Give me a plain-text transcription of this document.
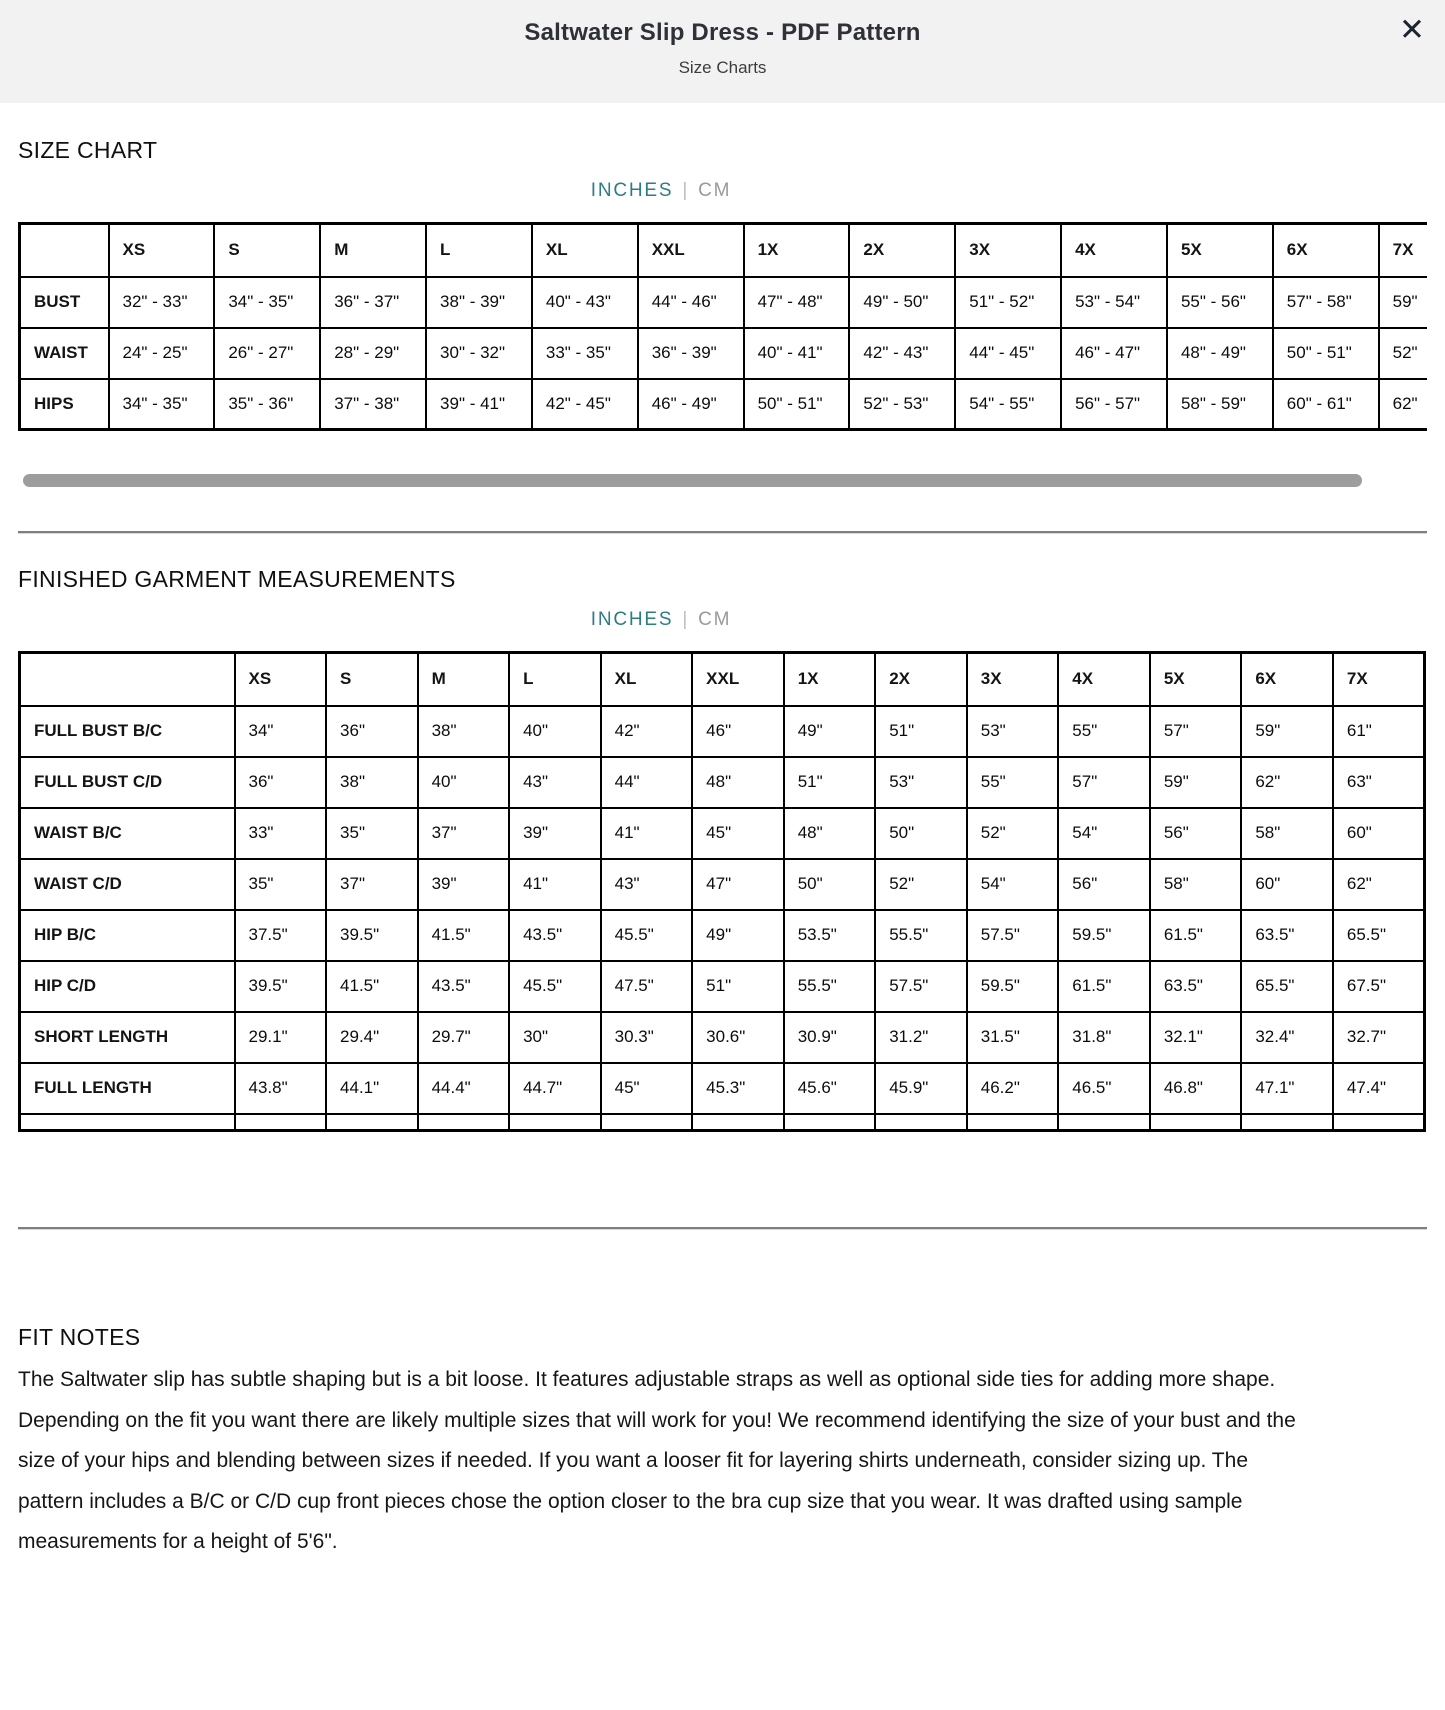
Saltwater Slip Dress - PDF Pattern
Size Charts
✕
SIZE CHART
INCHES | CM
	XS	S	M	L	XL	XXL	1X	2X	3X	4X	5X	6X	7X
BUST	32" - 33"	34" - 35"	36" - 37"	38" - 39"	40" - 43"	44" - 46"	47" - 48"	49" - 50"	51" - 52"	53" - 54"	55" - 56"	57" - 58"	59"
WAIST	24" - 25"	26" - 27"	28" - 29"	30" - 32"	33" - 35"	36" - 39"	40" - 41"	42" - 43"	44" - 45"	46" - 47"	48" - 49"	50" - 51"	52"
HIPS	34" - 35"	35" - 36"	37" - 38"	39" - 41"	42" - 45"	46" - 49"	50" - 51"	52" - 53"	54" - 55"	56" - 57"	58" - 59"	60" - 61"	62"
FINISHED GARMENT MEASUREMENTS
INCHES | CM
	XS	S	M	L	XL	XXL	1X	2X	3X	4X	5X	6X	7X
FULL BUST B/C	34"	36"	38"	40"	42"	46"	49"	51"	53"	55"	57"	59"	61"
FULL BUST C/D	36"	38"	40"	43"	44"	48"	51"	53"	55"	57"	59"	62"	63"
WAIST B/C	33"	35"	37"	39"	41"	45"	48"	50"	52"	54"	56"	58"	60"
WAIST C/D	35"	37"	39"	41"	43"	47"	50"	52"	54"	56"	58"	60"	62"
HIP B/C	37.5"	39.5"	41.5"	43.5"	45.5"	49"	53.5"	55.5"	57.5"	59.5"	61.5"	63.5"	65.5"
HIP C/D	39.5"	41.5"	43.5"	45.5"	47.5"	51"	55.5"	57.5"	59.5"	61.5"	63.5"	65.5"	67.5"
SHORT LENGTH	29.1"	29.4"	29.7"	30"	30.3"	30.6"	30.9"	31.2"	31.5"	31.8"	32.1"	32.4"	32.7"
FULL LENGTH	43.8"	44.1"	44.4"	44.7"	45"	45.3"	45.6"	45.9"	46.2"	46.5"	46.8"	47.1"	47.4"

FIT NOTES
The Saltwater slip has subtle shaping but is a bit loose. It features adjustable straps as well as optional side ties for adding more shape. Depending on the fit you want there are likely multiple sizes that will work for you! We recommend identifying the size of your bust and the size of your hips and blending between sizes if needed. If you want a looser fit for layering shirts underneath, consider sizing up. The pattern includes a B/C or C/D cup front pieces chose the option closer to the bra cup size that you wear. It was drafted using sample measurements for a height of 5'6".
